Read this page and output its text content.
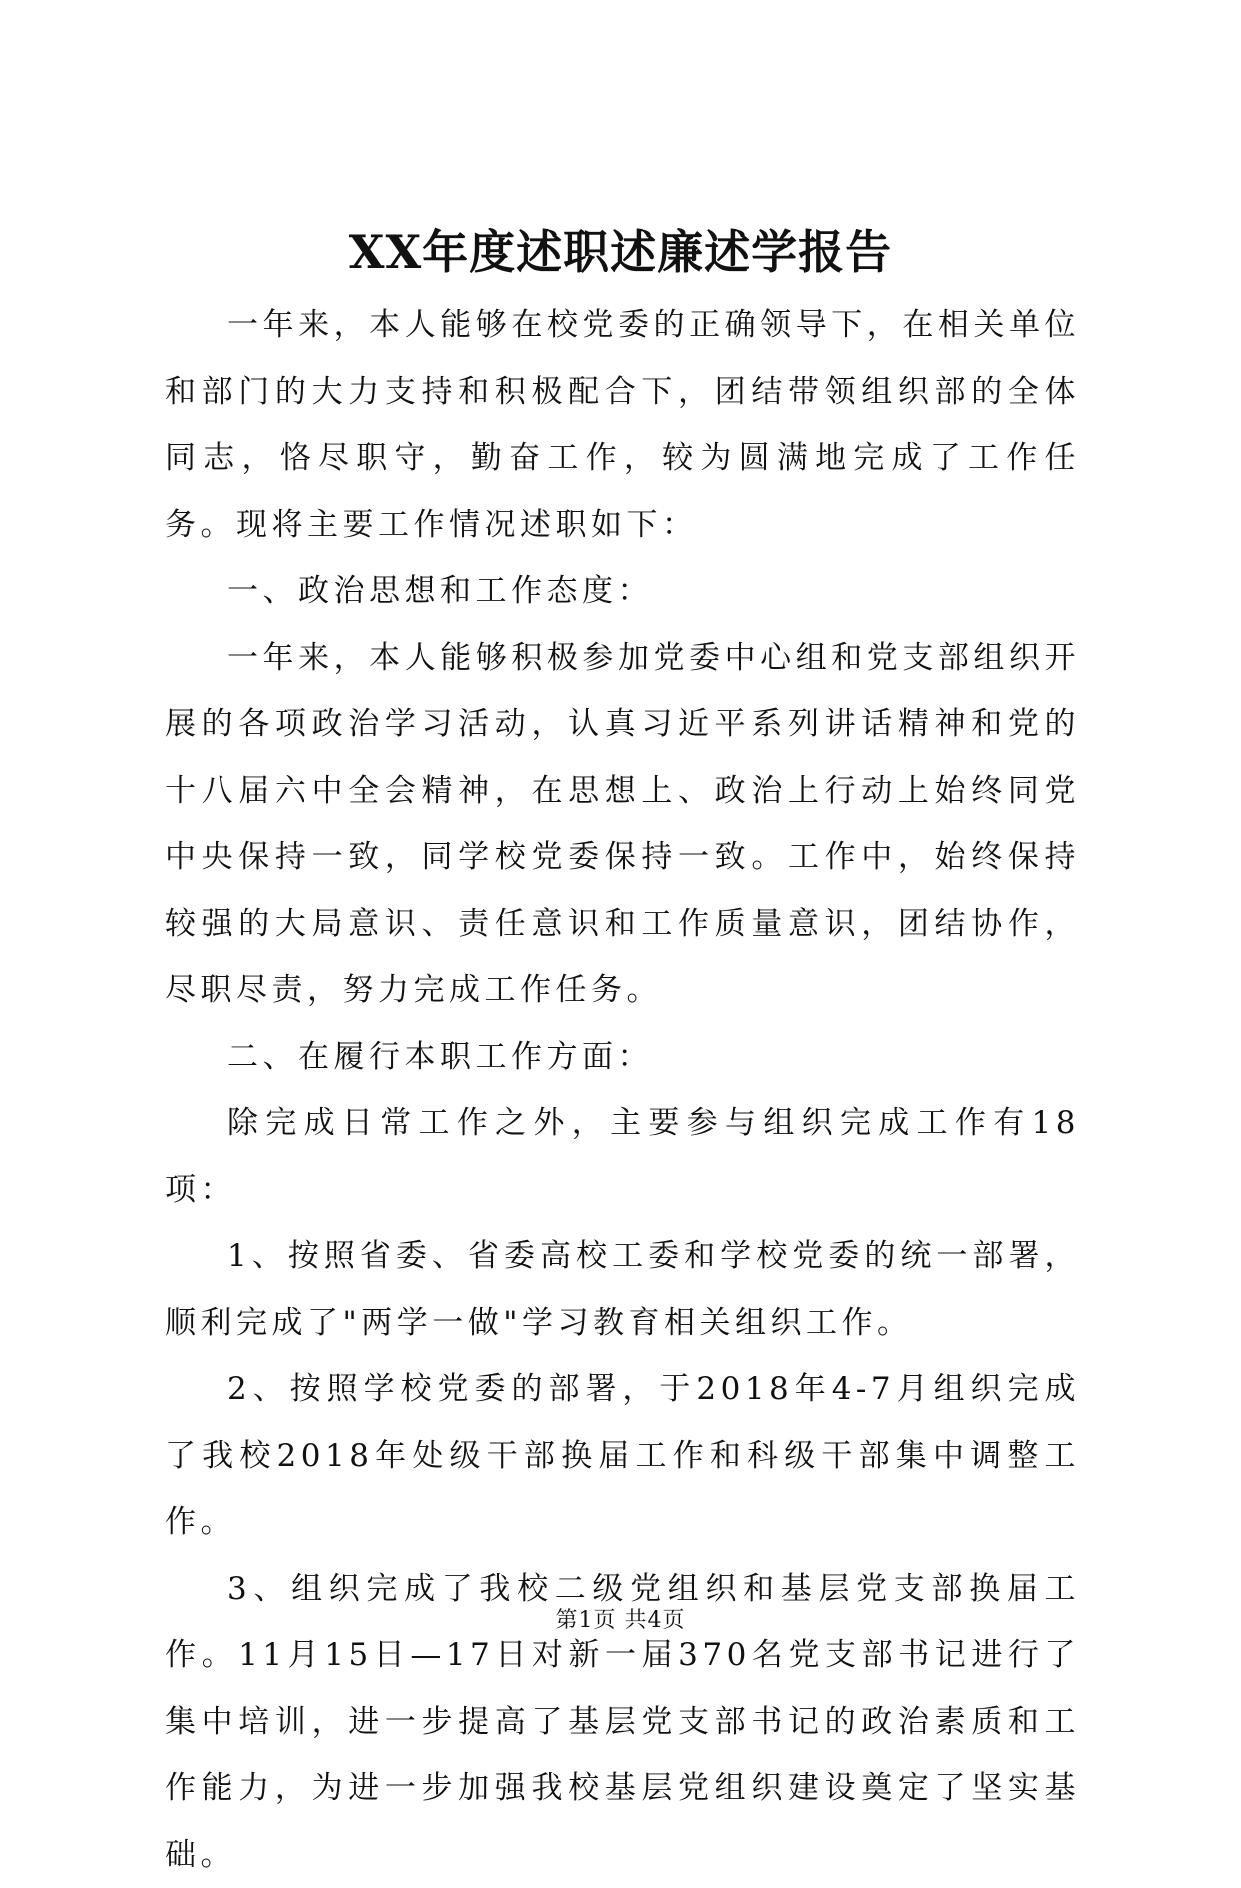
XX年度述职述廉述学报告

一年来，本人能够在校党委的正确领导下，在相关单位和部门的大力支持和积极配合下，团结带领组织部的全体同志，恪尽职守，勤奋工作，较为圆满地完成了工作任务。现将主要工作情况述职如下：

一、政治思想和工作态度：

一年来，本人能够积极参加党委中心组和党支部组织开展的各项政治学习活动，认真习近平系列讲话精神和党的十八届六中全会精神，在思想上、政治上行动上始终同党中央保持一致，同学校党委保持一致。工作中，始终保持较强的大局意识、责任意识和工作质量意识，团结协作，尽职尽责，努力完成工作任务。

二、在履行本职工作方面：

除完成日常工作之外，主要参与组织完成工作有18项：

1、按照省委、省委高校工委和学校党委的统一部署，顺利完成了"两学一做"学习教育相关组织工作。

2、按照学校党委的部署，于2018年4-7月组织完成了我校2018年处级干部换届工作和科级干部集中调整工作。

3、组织完成了我校二级党组织和基层党支部换届工作。11月15日—17日对新一届370名党支部书记进行了集中培训，进一步提高了基层党支部书记的政治素质和工作能力，为进一步加强我校基层党组织建设奠定了坚实基础。

第1页 共4页
